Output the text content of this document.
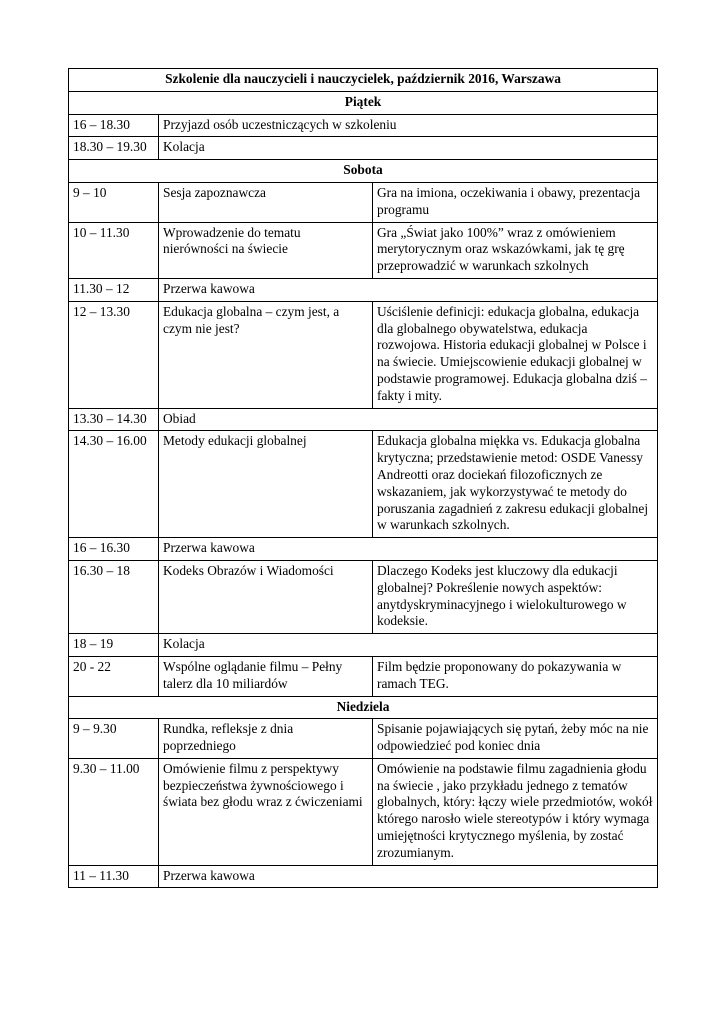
Szkolenie dla nauczycieli i nauczycielek, październik 2016, Warszawa		
Piątek		
16 – 18.30	Przyjazd osób uczestniczących w szkoleniu	
18.30 – 19.30	Kolacja	
Sobota		
9 – 10	Sesja zapoznawcza	Gra na imiona, oczekiwania i obawy, prezentacja programu
10 – 11.30	Wprowadzenie do tematu nierówności na świecie	Gra „Świat jako 100%” wraz z omówieniem merytorycznym oraz wskazówkami, jak tę grę przeprowadzić w warunkach szkolnych
11.30 – 12	Przerwa kawowa	
12 – 13.30	Edukacja globalna – czym jest, a czym nie jest?	Uściślenie definicji: edukacja globalna, edukacja dla globalnego obywatelstwa, edukacja rozwojowa. Historia edukacji globalnej w Polsce i na świecie. Umiejscowienie edukacji globalnej w podstawie programowej. Edukacja globalna dziś – fakty i mity.
13.30 – 14.30	Obiad	
14.30 – 16.00	Metody edukacji globalnej	Edukacja globalna miękka vs. Edukacja globalna krytyczna; przedstawienie metod: OSDE Vanessy Andreotti oraz dociekań filozoficznych ze wskazaniem, jak wykorzystywać te metody do poruszania zagadnień z zakresu edukacji globalnej w warunkach szkolnych.
16 – 16.30	Przerwa kawowa	
16.30 – 18	Kodeks Obrazów i Wiadomości	Dlaczego Kodeks jest kluczowy dla edukacji globalnej? Pokreślenie nowych aspektów: anytdyskryminacyjnego i wielokulturowego w kodeksie.
18 – 19	Kolacja	
20 - 22	Wspólne oglądanie filmu – Pełny talerz dla 10 miliardów	Film będzie proponowany do pokazywania w ramach TEG.
Niedziela		
9 – 9.30	Rundka, refleksje z dnia poprzedniego	Spisanie pojawiających się pytań, żeby móc na nie odpowiedzieć pod koniec dnia
9.30 – 11.00	Omówienie filmu z perspektywy bezpieczeństwa żywnościowego i świata bez głodu wraz z ćwiczeniami	Omówienie na podstawie filmu zagadnienia głodu na świecie , jako przykładu jednego z tematów globalnych, który: łączy wiele przedmiotów, wokół którego narosło wiele stereotypów i który wymaga umiejętności krytycznego myślenia, by zostać zrozumianym.
11 – 11.30	Przerwa kawowa	
